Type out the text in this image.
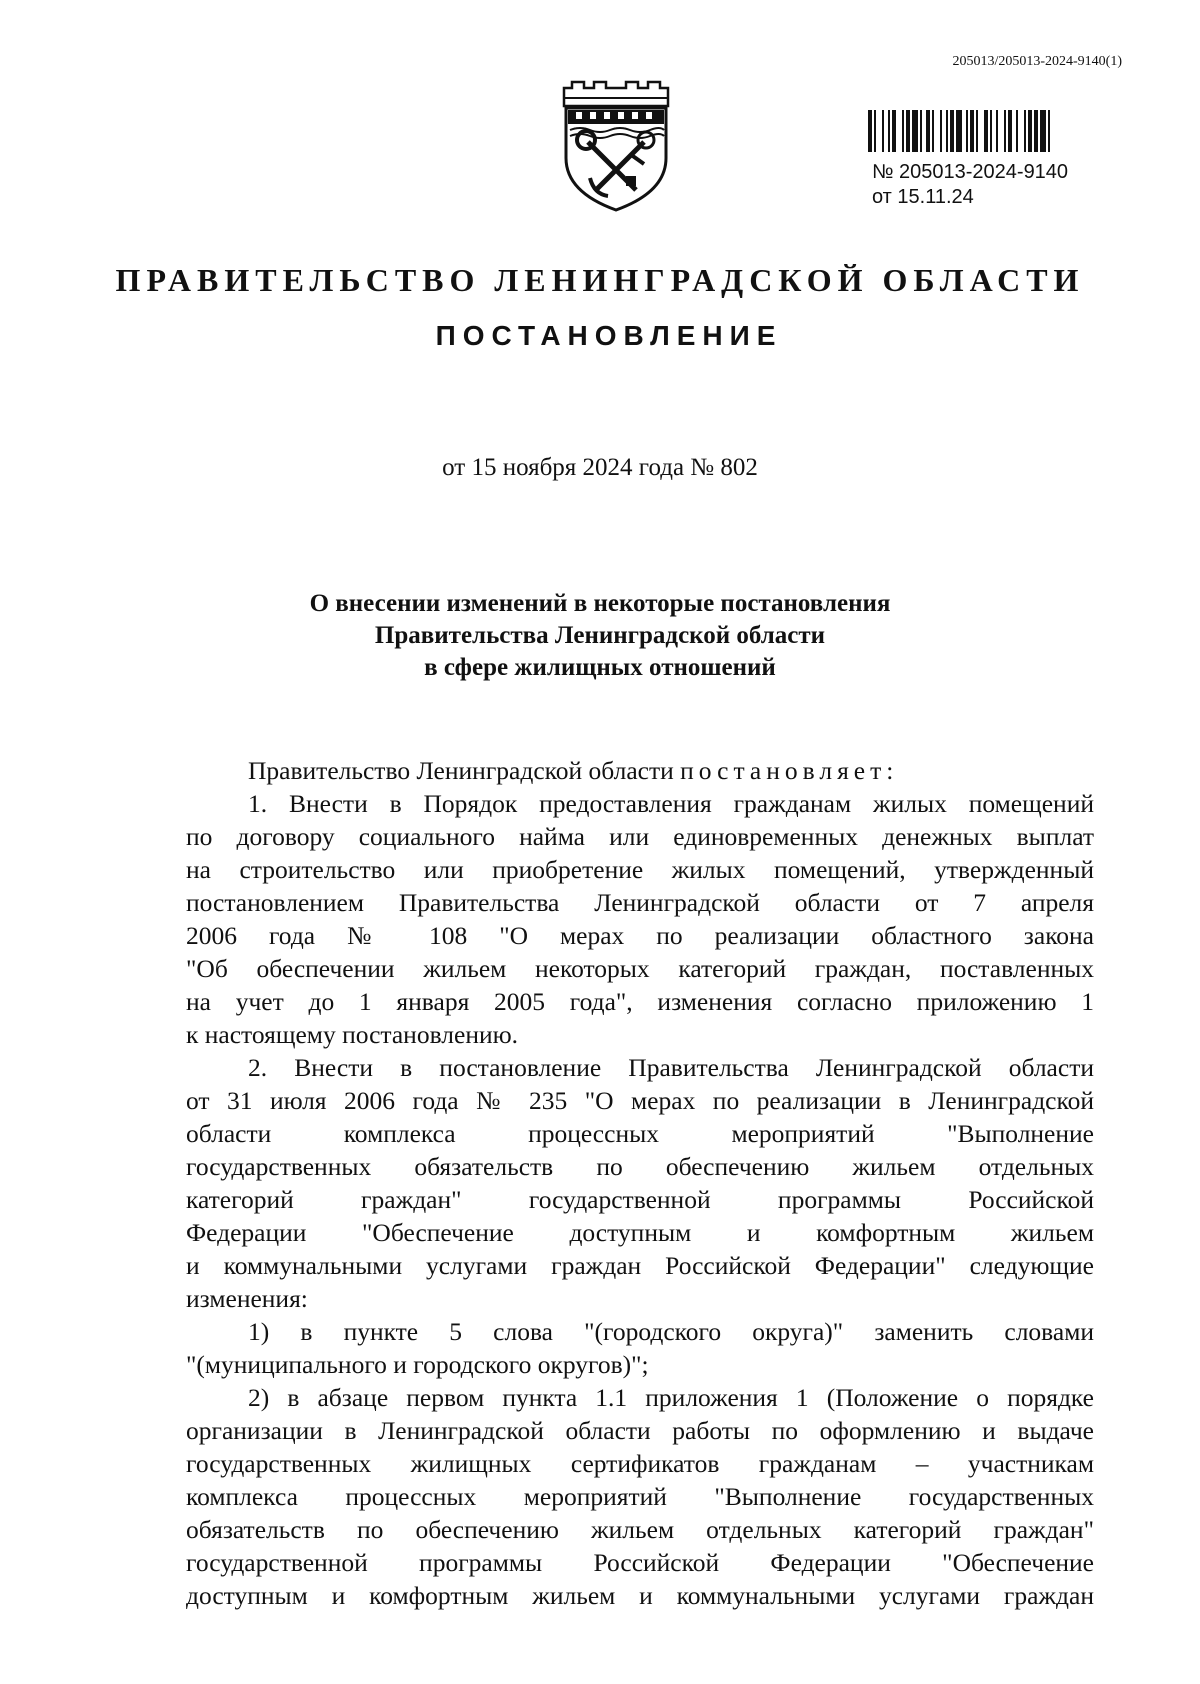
205013/205013-2024-9140(1)
№ 205013-2024-9140
от 15.11.24
ПРАВИТЕЛЬСТВО ЛЕНИНГРАДСКОЙ ОБЛАСТИ
ПОСТАНОВЛЕНИЕ
от 15 ноября 2024 года № 802
О внесении изменений в некоторые постановления
Правительства Ленинградской области
в сфере жилищных отношений
Правительство Ленинградской области постановляет:
1. Внести в Порядок предоставления гражданам жилых помещений
по договору социального найма или единовременных денежных выплат
на строительство или приобретение жилых помещений, утвержденный
постановлением Правительства Ленинградской области от 7 апреля
2006 года № 108 "О мерах по реализации областного закона
"Об обеспечении жильем некоторых категорий граждан, поставленных
на учет до 1 января 2005 года", изменения согласно приложению 1
к настоящему постановлению.
2. Внести в постановление Правительства Ленинградской области
от 31 июля 2006 года № 235 "О мерах по реализации в Ленинградской
области комплекса процессных мероприятий "Выполнение
государственных обязательств по обеспечению жильем отдельных
категорий граждан" государственной программы Российской
Федерации "Обеспечение доступным и комфортным жильем
и коммунальными услугами граждан Российской Федерации" следующие
изменения:
1) в пункте 5 слова "(городского округа)" заменить словами
"(муниципального и городского округов)";
2) в абзаце первом пункта 1.1 приложения 1 (Положение о порядке
организации в Ленинградской области работы по оформлению и выдаче
государственных жилищных сертификатов гражданам – участникам
комплекса процессных мероприятий "Выполнение государственных
обязательств по обеспечению жильем отдельных категорий граждан"
государственной программы Российской Федерации "Обеспечение
доступным и комфортным жильем и коммунальными услугами граждан
